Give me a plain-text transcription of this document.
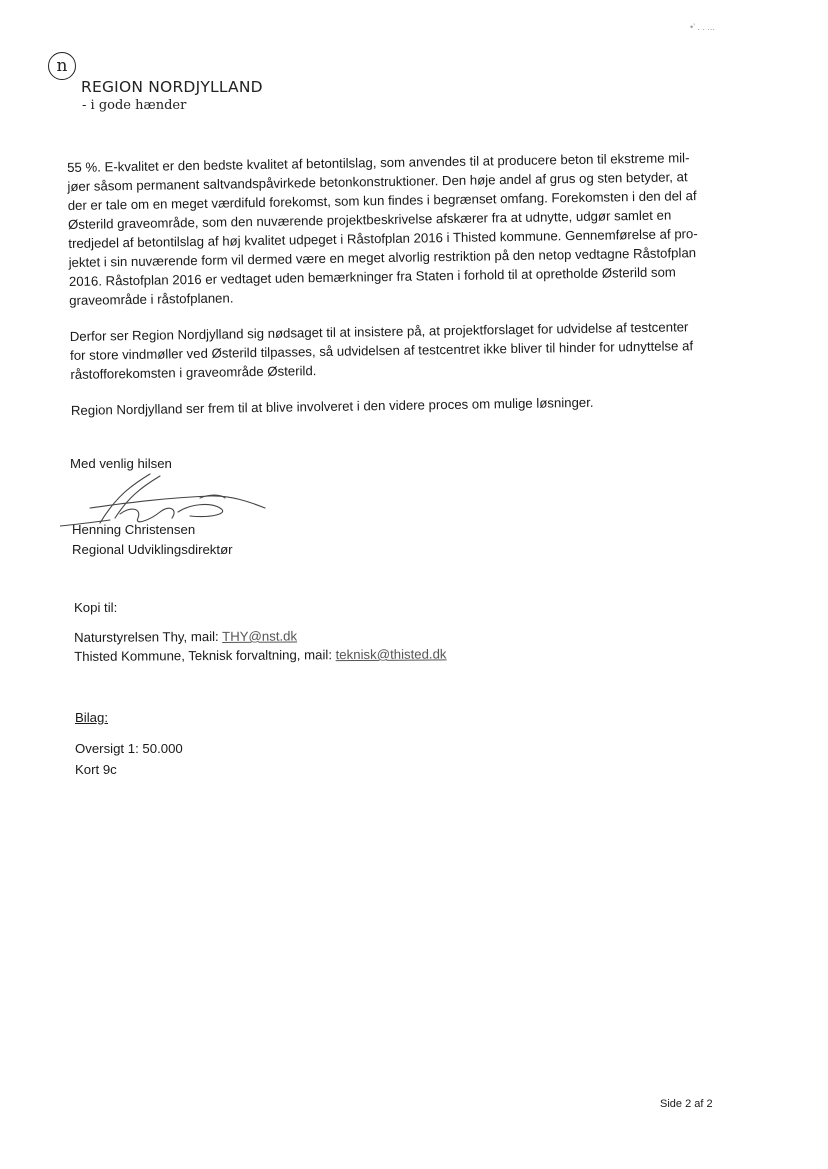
•’ . . ...
n
REGION NORDJYLLAND
- i gode hænder

55 %. E-kvalitet er den bedste kvalitet af betontilslag, som anvendes til at producere beton til ekstreme mil-jøer såsom permanent saltvandspåvirkede betonkonstruktioner. Den høje andel af grus og sten betyder, at der er tale om en meget værdifuld forekomst, som kun findes i begrænset omfang. Forekomsten i den del af Østerild graveområde, som den nuværende projektbeskrivelse afskærer fra at udnytte, udgør samlet en tredjedel af betontilslag af høj kvalitet udpeget i Råstofplan 2016 i Thisted kommune. Gennemførelse af pro-jektet i sin nuværende form vil dermed være en meget alvorlig restriktion på den netop vedtagne Råstofplan 2016. Råstofplan 2016 er vedtaget uden bemærkninger fra Staten i forhold til at opretholde Østerild som graveområde i råstofplanen.

Derfor ser Region Nordjylland sig nødsaget til at insistere på, at projektforslaget for udvidelse af testcenter for store vindmøller ved Østerild tilpasses, så udvidelsen af testcentret ikke bliver til hinder for udnyttelse af råstofforekomsten i graveområde Østerild.

Region Nordjylland ser frem til at blive involveret i den videre proces om mulige løsninger.

Med venlig hilsen
Henning Christensen
Regional Udviklingsdirektør
Kopi til:
Naturstyrelsen Thy, mail: THY@nst.dk
Thisted Kommune, Teknisk forvaltning, mail: teknisk@thisted.dk
Bilag:
Oversigt 1: 50.000
Kort 9c
Side 2 af 2
